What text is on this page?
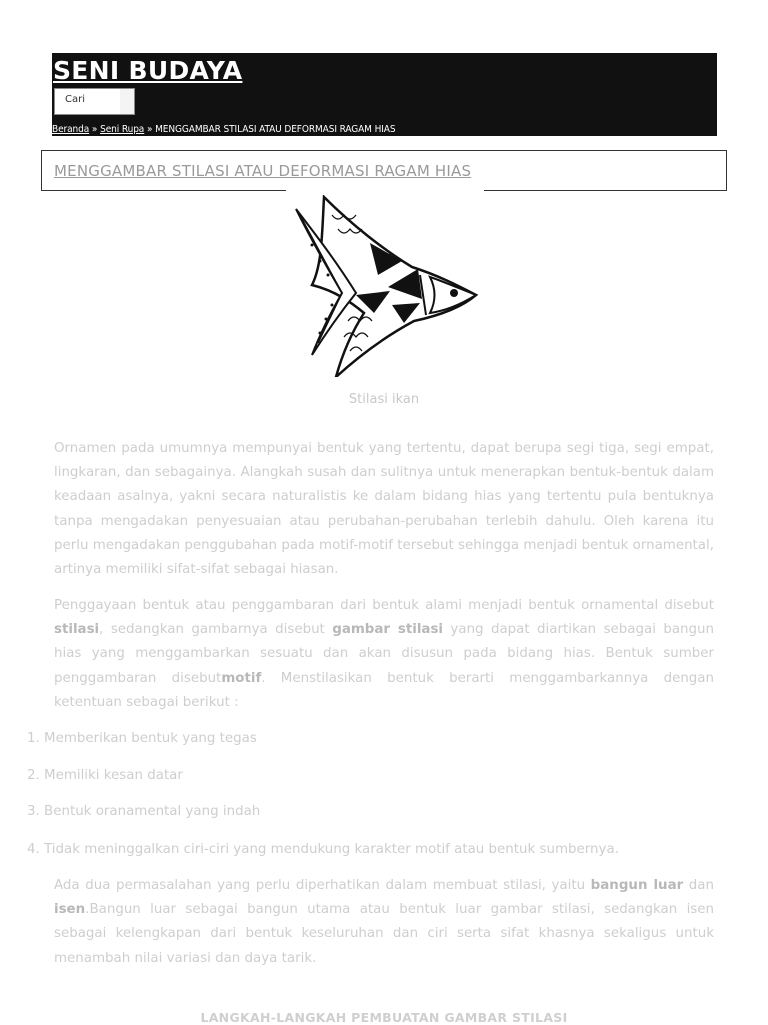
SENI BUDAYA
Cari
Beranda » Seni Rupa » MENGGAMBAR STILASI ATAU DEFORMASI RAGAM HIAS
MENGGAMBAR STILASI ATAU DEFORMASI RAGAM HIAS
Stilasi ikan

Ornamen pada umumnya mempunyai bentuk yang tertentu, dapat berupa segi tiga, segi empat, lingkaran, dan sebagainya. Alangkah susah dan sulitnya untuk menerapkan bentuk-bentuk dalam keadaan asalnya, yakni secara naturalistis ke dalam bidang hias yang tertentu pula bentuknya tanpa mengadakan penyesuaian atau perubahan-perubahan terlebih dahulu. Oleh karena itu perlu mengadakan penggubahan pada motif-motif tersebut sehingga menjadi bentuk ornamental, artinya memiliki sifat-sifat sebagai hiasan.

Penggayaan bentuk atau penggambaran dari bentuk alami menjadi bentuk ornamental disebut stilasi, sedangkan gambarnya disebut gambar stilasi yang dapat diartikan sebagai bangun hias yang menggambarkan sesuatu dan akan disusun pada bidang hias. Bentuk sumber penggambaran disebutmotif. Menstilasikan bentuk berarti menggambarkannya dengan ketentuan sebagai berikut :

1. Memberikan bentuk yang tegas
2. Memiliki kesan datar
3. Bentuk oranamental yang indah
4. Tidak meninggalkan ciri-ciri yang mendukung karakter motif atau bentuk sumbernya.

Ada dua permasalahan yang perlu diperhatikan dalam membuat stilasi, yaitu bangun luar dan isen.Bangun luar sebagai bangun utama atau bentuk luar gambar stilasi, sedangkan isen sebagai kelengkapan dari bentuk keseluruhan dan ciri serta sifat khasnya sekaligus untuk menambah nilai variasi dan daya tarik.

LANGKAH-LANGKAH PEMBUATAN GAMBAR STILASI
